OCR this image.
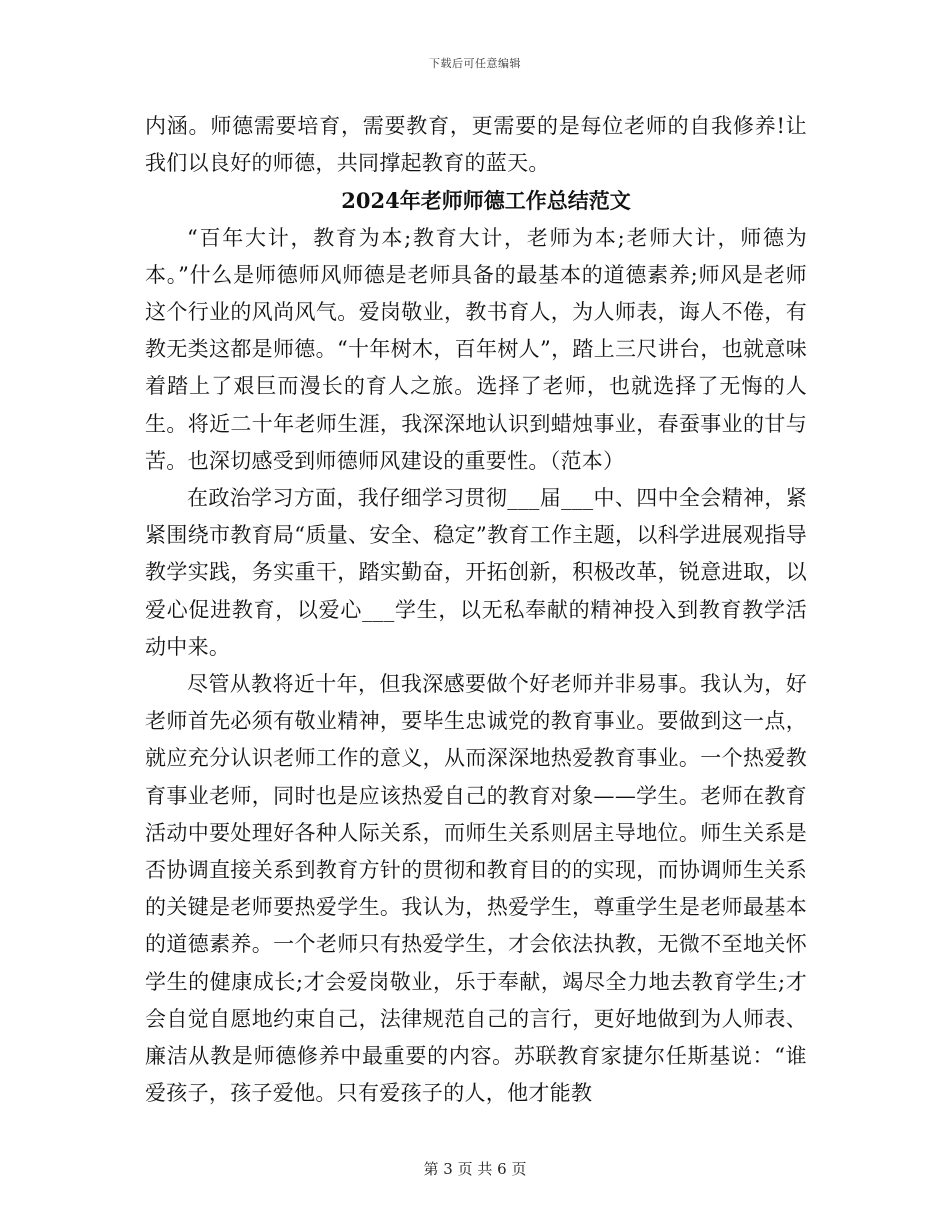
下载后可任意编辑

内涵。师德需要培育，需要教育，更需要的是每位老师的自我修养!让我们以良好的师德，共同撑起教育的蓝天。

2024年老师师德工作总结范文

“百年大计，教育为本;教育大计，老师为本;老师大计，师德为本。”什么是师德师风师德是老师具备的最基本的道德素养;师风是老师这个行业的风尚风气。爱岗敬业，教书育人，为人师表，诲人不倦，有教无类这都是师德。“十年树木，百年树人”，踏上三尺讲台，也就意味着踏上了艰巨而漫长的育人之旅。选择了老师，也就选择了无悔的人生。将近二十年老师生涯，我深深地认识到蜡烛事业，春蚕事业的甘与苦。也深切感受到师德师风建设的重要性。（范本）

在政治学习方面，我仔细学习贯彻___届___中、四中全会精神，紧紧围绕市教育局“质量、安全、稳定”教育工作主题，以科学进展观指导教学实践，务实重干，踏实勤奋，开拓创新，积极改革，锐意进取，以爱心促进教育，以爱心___学生，以无私奉献的精神投入到教育教学活动中来。

尽管从教将近十年，但我深感要做个好老师并非易事。我认为，好老师首先必须有敬业精神，要毕生忠诚党的教育事业。要做到这一点，就应充分认识老师工作的意义，从而深深地热爱教育事业。一个热爱教育事业老师，同时也是应该热爱自己的教育对象——学生。老师在教育活动中要处理好各种人际关系，而师生关系则居主导地位。师生关系是否协调直接关系到教育方针的贯彻和教育目的的实现，而协调师生关系的关键是老师要热爱学生。我认为，热爱学生，尊重学生是老师最基本的道德素养。一个老师只有热爱学生，才会依法执教，无微不至地关怀学生的健康成长;才会爱岗敬业，乐于奉献，竭尽全力地去教育学生;才会自觉自愿地约束自己，法律规范自己的言行，更好地做到为人师表、廉洁从教是师德修养中最重要的内容。苏联教育家捷尔任斯基说：“谁爱孩子，孩子爱他。只有爱孩子的人，他才能教

第 3 页 共 6 页
